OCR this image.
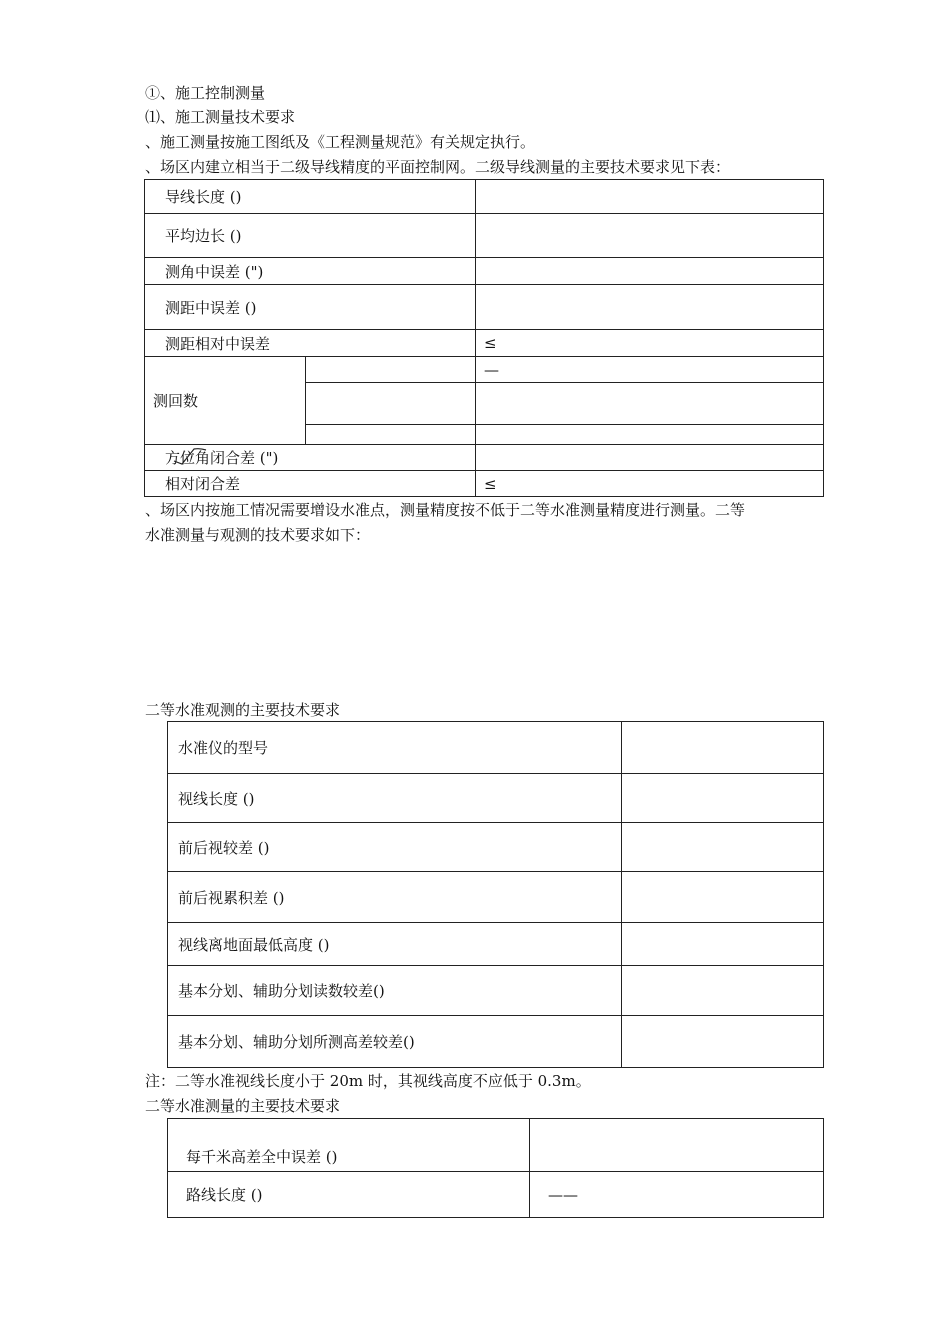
①、施工控制测量
⑴、施工测量技术要求
、施工测量按施工图纸及《工程测量规范》有关规定执行。
、场区内建立相当于二级导线精度的平面控制网。二级导线测量的主要技术要求见下表：
导线长度 ()		
平均边长 ()		
测角中误差 (")		
测距中误差 ()		
测距相对中误差		≤
测回数		—

方位角闭合差 (")		
相对闭合差		≤
、场区内按施工情况需要增设水准点，测量精度按不低于二等水准测量精度进行测量。二等
水准测量与观测的技术要求如下：
二等水准观测的主要技术要求
水准仪的型号	
视线长度 ()	
前后视较差 ()	
前后视累积差 ()	
视线离地面最低高度 ()	
基本分划、辅助分划读数较差()	
基本分划、辅助分划所测高差较差()	
注：二等水准视线长度小于 20m 时，其视线高度不应低于 0.3m。
二等水准测量的主要技术要求
每千米高差全中误差 ()	
路线长度 ()	——
